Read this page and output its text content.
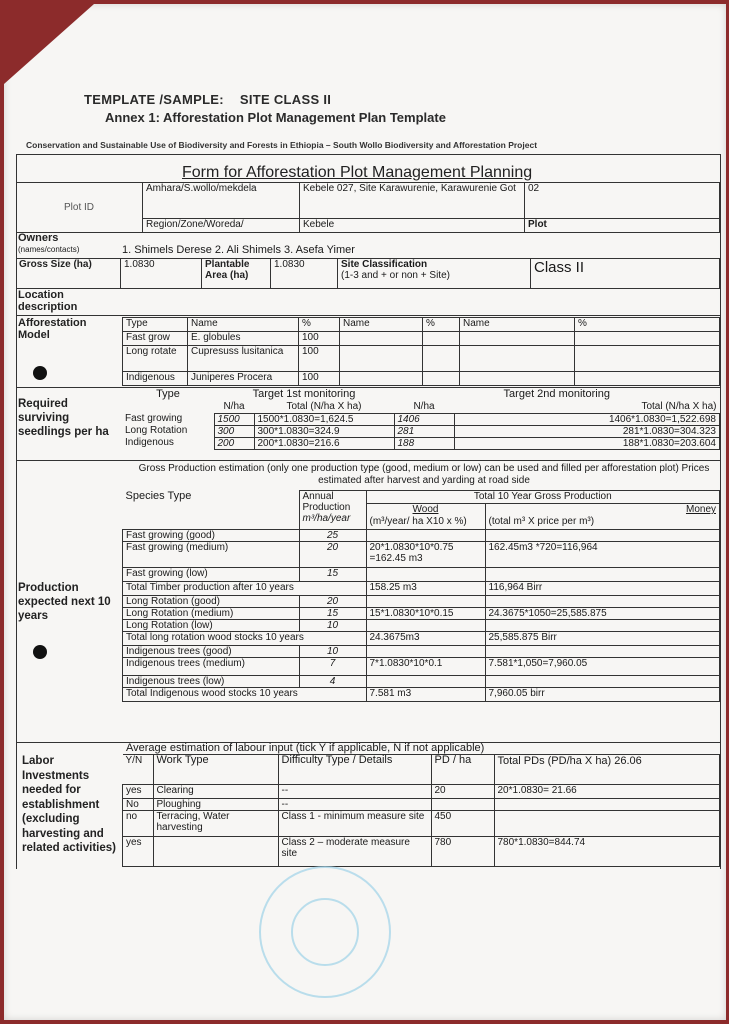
TEMPLATE /SAMPLE: SITE CLASS II
Annex 1: Afforestation Plot Management Plan Template
Conservation and Sustainable Use of Biodiversity and Forests in Ethiopia – South Wollo Biodiversity and Afforestation Project
Form for Afforestation Plot Management Planning
Plot ID	Amhara/S.wollo/mekdela	Kebele 027, Site Karawurenie, Karawurenie Got	02
	Region/Zone/Woreda/	Kebele	Plot
Owners
(names/contacts)	1. Shimels Derese 2. Ali Shimels 3. Asefa Yimer
Gross Size (ha)	1.0830	Plantable Area (ha)	1.0830	Site Classification
(1-3 and + or non + Site)	Class II
Location description
Afforestation Model
Type	Name	%	Name	%	Name	%
Fast grow	E. globules	100				
Long rotate	Cupresuss lusitanica	100				
Indigenous	Juniperes Procera	100				
Required surviving seedlings per ha
Type	Target 1st monitoring		Target 2nd monitoring	
	N/ha	Total (N/ha X ha)	N/ha	Total (N/ha X ha)
Fast growing	1500	1500*1.0830=1,624.5	1406	1406*1.0830=1,522.698
Long Rotation	300	300*1.0830=324.9	281	281*1.0830=304.323
Indigenous	200	200*1.0830=216.6	188	188*1.0830=203.604
Gross Production estimation (only one production type (good, medium or low) can be used and filled per afforestation plot) Prices estimated after harvest and yarding at road side
Production expected next 10 years
Species Type	Annual Production
m³/ha/year	Total 10 Year Gross Production	
		Wood	Money
		(m³/year/ ha X10 x %)	(total m³ X price per m³)
Fast growing (good)	25		
Fast growing (medium)	20	20*1.0830*10*0.75 =162.45 m3	162.45m3 *720=116,964
Fast growing (low)	15		
Total Timber production after 10 years		158.25 m3	116,964 Birr
Long Rotation (good)	20		
Long Rotation (medium)	15	15*1.0830*10*0.15	24.3675*1050=25,585.875
Long Rotation (low)	10		
Total long rotation wood stocks 10 years		24.3675m3	25,585.875 Birr
Indigenous trees (good)	10		
Indigenous trees (medium)	7	7*1.0830*10*0.1	7.581*1,050=7,960.05
Indigenous trees (low)	4		
Total Indigenous wood stocks 10 years		7.581 m3	7,960.05 birr
Average estimation of labour input (tick Y if applicable, N if not applicable)
Labor Investments needed for establishment (excluding harvesting and related activities)
Y/N	Work Type	Difficulty Type / Details	PD / ha	Total PDs (PD/ha X ha) 26.06
yes	Clearing	--	20	20*1.0830= 21.66
No	Ploughing	--		
no	Terracing, Water harvesting	Class 1 - minimum measure site	450	
yes		Class 2 – moderate measure site	780	780*1.0830=844.74
